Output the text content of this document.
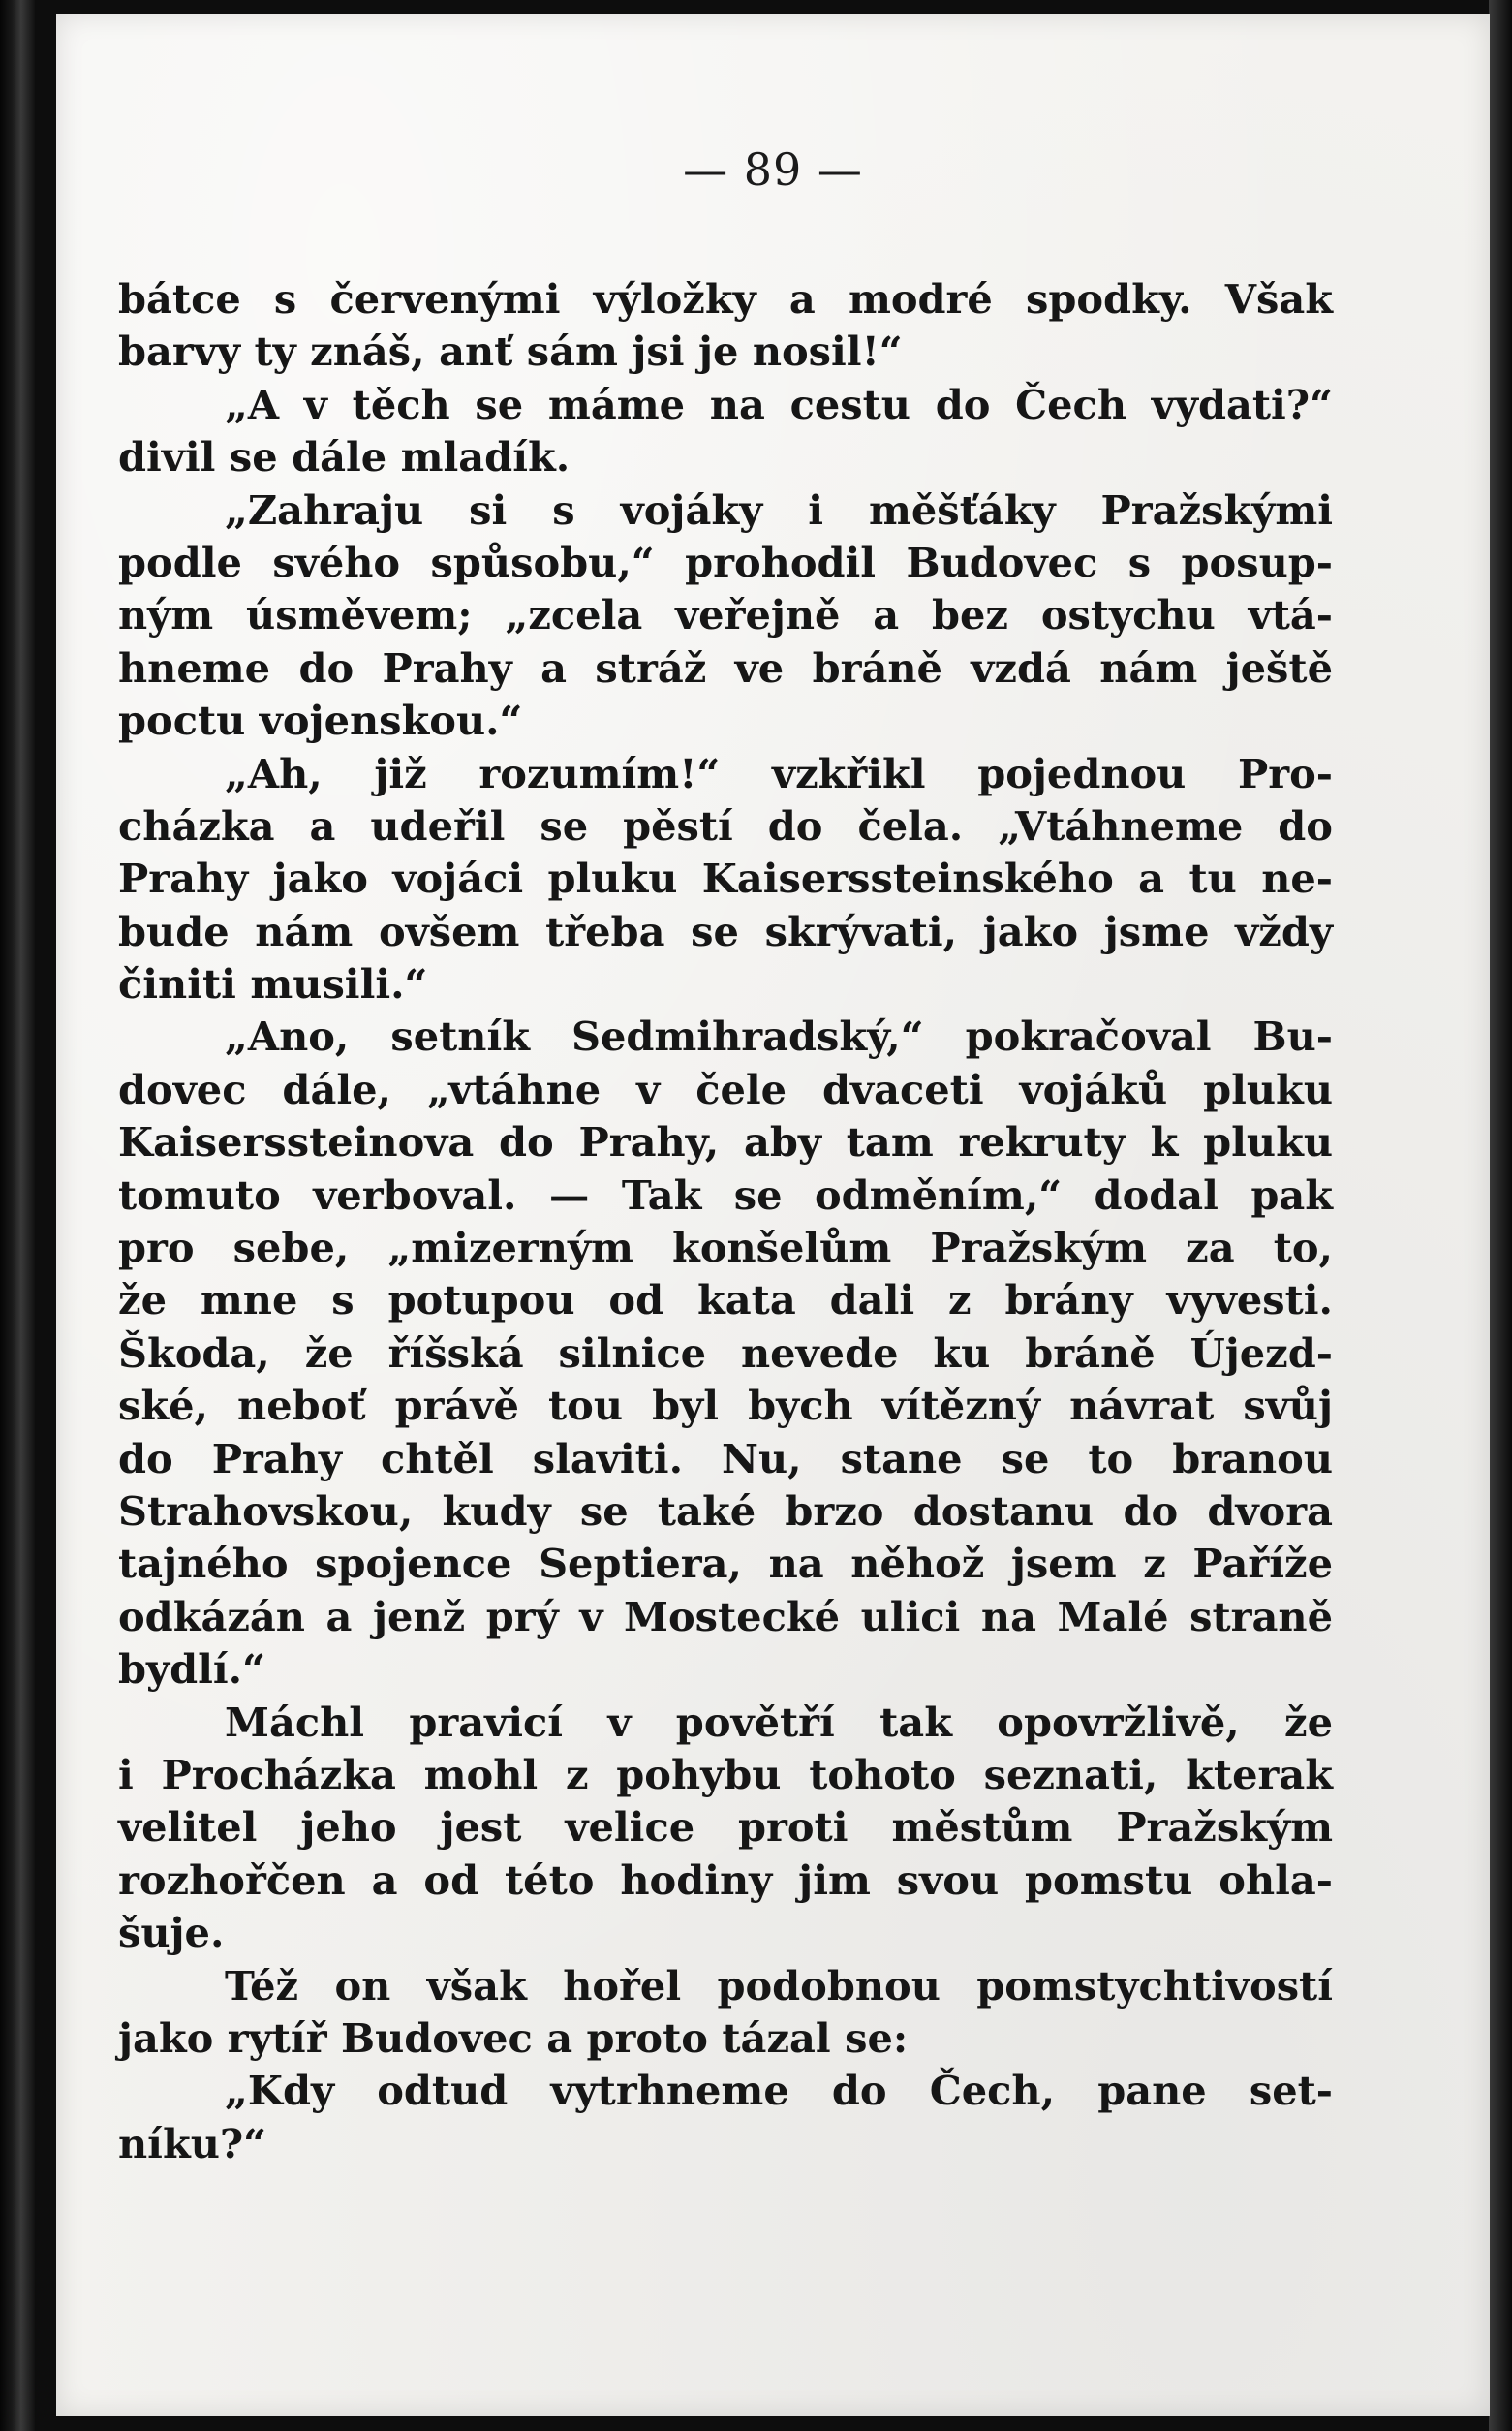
— 89 —
bátce s červenými výložky a modré spodky. Však
barvy ty znáš, anť sám jsi je nosil!“
„A v těch se máme na cestu do Čech vydati?“
divil se dále mladík.
„Zahraju si s vojáky i měšťáky Pražskými
podle svého spůsobu,“ prohodil Budovec s posup-
ným úsměvem; „zcela veřejně a bez ostychu vtá-
hneme do Prahy a stráž ve bráně vzdá nám ještě
poctu vojenskou.“
„Ah, již rozumím!“ vzkřikl pojednou Pro-
cházka a udeřil se pěstí do čela. „Vtáhneme do
Prahy jako vojáci pluku Kaiserssteinského a tu ne-
bude nám ovšem třeba se skrývati, jako jsme vždy
činiti musili.“
„Ano, setník Sedmihradský,“ pokračoval Bu-
dovec dále, „vtáhne v čele dvaceti vojáků pluku
Kaiserssteinova do Prahy, aby tam rekruty k pluku
tomuto verboval. — Tak se odměním,“ dodal pak
pro sebe, „mizerným konšelům Pražským za to,
že mne s potupou od kata dali z brány vyvesti.
Škoda, že říšská silnice nevede ku bráně Újezd-
ské, neboť právě tou byl bych vítězný návrat svůj
do Prahy chtěl slaviti. Nu, stane se to branou
Strahovskou, kudy se také brzo dostanu do dvora
tajného spojence Septiera, na něhož jsem z Paříže
odkázán a jenž prý v Mostecké ulici na Malé straně
bydlí.“
Máchl pravicí v povětří tak opovržlivě, že
i Procházka mohl z pohybu tohoto seznati, kterak
velitel jeho jest velice proti městům Pražským
rozhořčen a od této hodiny jim svou pomstu ohla-
šuje.
Též on však hořel podobnou pomstychtivostí
jako rytíř Budovec a proto tázal se:
„Kdy odtud vytrhneme do Čech, pane set-
níku?“
